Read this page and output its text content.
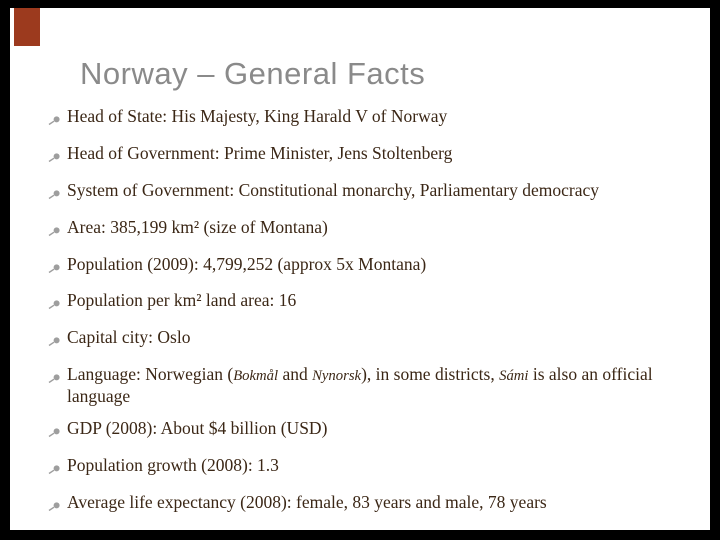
Norway – General Facts
Head of State: His Majesty, King Harald V of Norway
Head of Government: Prime Minister, Jens Stoltenberg
System of Government: Constitutional monarchy, Parliamentary democracy
Area: 385,199 km² (size of Montana)
Population (2009): 4,799,252 (approx 5x Montana)
Population per km² land area: 16
Capital city: Oslo
Language: Norwegian (Bokmål and Nynorsk), in some districts, Sámi is also an official language
GDP (2008): About $4 billion (USD)
Population growth (2008): 1.3
Average life expectancy (2008): female, 83 years and male, 78 years
